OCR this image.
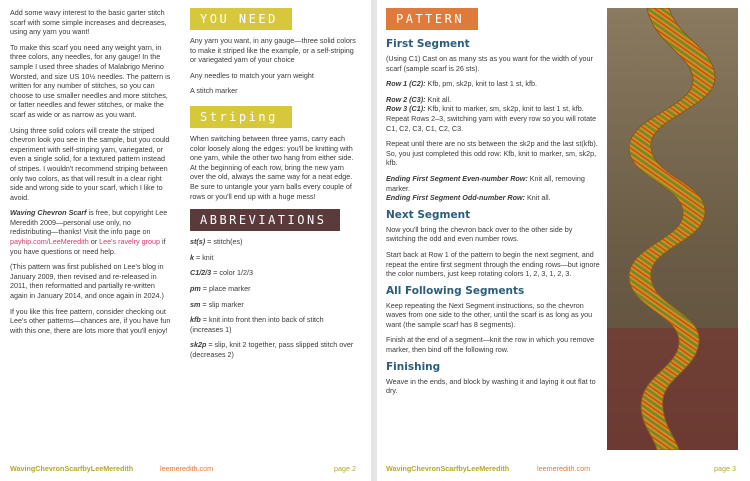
Add some wavy interest to the basic garter stitch scarf with some simple increases and decreases, using any yarn you want!

To make this scarf you need any weight yarn, in three colors, any needles, for any gauge! In the sample I used three shades of Malabrigo Merino Worsted, and size US 10½ needles. The pattern is written for any number of stitches, so you can choose to use smaller needles and more stitches, or fatter needles and fewer stitches, or make the scarf as wide or as narrow as you want.

Using three solid colors will create the striped chevron look you see in the sample, but you could experiment with self-striping yarn, variegated, or even a single solid, for a textured pattern instead of stripes. I wouldn't recommend striping between only two colors, as that will result in a clear right side and wrong side to your scarf, which I like to avoid.

Waving Chevron Scarf is free, but copyright Lee Meredith 2009—personal use only, no redistributing—thanks! Visit the info page on payhip.com/LeeMeredith or Lee's ravelry group if you have questions or need help.

(This pattern was first published on Lee's blog in January 2009, then revised and re-released in 2011, then reformatted and partially re-written again in January 2014, and once again in 2024.)

If you like this free pattern, consider checking out Lee's other patterns—chances are, if you have fun with this one, there are lots more that you'll enjoy!

YOU NEED

Any yarn you want, in any gauge—three solid colors to make it striped like the example, or a self-striping or variegated yarn of your choice

Any needles to match your yarn weight

A stitch marker

Striping

When switching between three yarns, carry each color loosely along the edges: you'll be knitting with one yarn, while the other two hang from either side. At the beginning of each row, bring the new yarn over the old, always the same way for a neat edge. Be sure to untangle your yarn balls every couple of rows or you'll end up with a huge mess!

ABBREVIATIONS

st(s) = stitch(es)

k = knit

C1/2/3 = color 1/2/3

pm = place marker

sm = slip marker

kfb = knit into front then into back of stitch (increases 1)

sk2p = slip, knit 2 together, pass slipped stitch over (decreases 2)

WavingChevronScarfbyLeeMeredith	leemeredith.com	page 2
PATTERN
First Segment

(Using C1) Cast on as many sts as you want for the width of your scarf (sample scarf is 26 sts).

Row 1 (C2): Kfb, pm, sk2p, knit to last 1 st, kfb.

Row 2 (C3): Knit all.
Row 3 (C1): Kfb, knit to marker, sm, sk2p, knit to last 1 st, kfb.
Repeat Rows 2–3, switching yarn with every row so you will rotate C1, C2, C3, C1, C2, C3.

Repeat until there are no sts between the sk2p and the last st(kfb).
So, you just completed this odd row: Kfb, knit to marker, sm, sk2p, kfb.

Ending First Segment Even-number Row: Knit all, removing marker.
Ending First Segment Odd-number Row: Knit all.

Next Segment

Now you'll bring the chevron back over to the other side by switching the odd and even number rows.

Start back at Row 1 of the pattern to begin the next segment, and repeat the entire first segment through the ending rows—but ignore the color numbers, just keep rotating colors 1, 2, 3, 1, 2, 3.

All Following Segments

Keep repeating the Next Segment instructions, so the chevron waves from one side to the other, until the scarf is as long as you want (the sample scarf has 8 segments).

Finish at the end of a segment—knit the row in which you remove marker, then bind off the following row.

Finishing

Weave in the ends, and block by washing it and laying it out flat to dry.

WavingChevronScarfbyLeeMeredith	leemeredith.com	page 3
